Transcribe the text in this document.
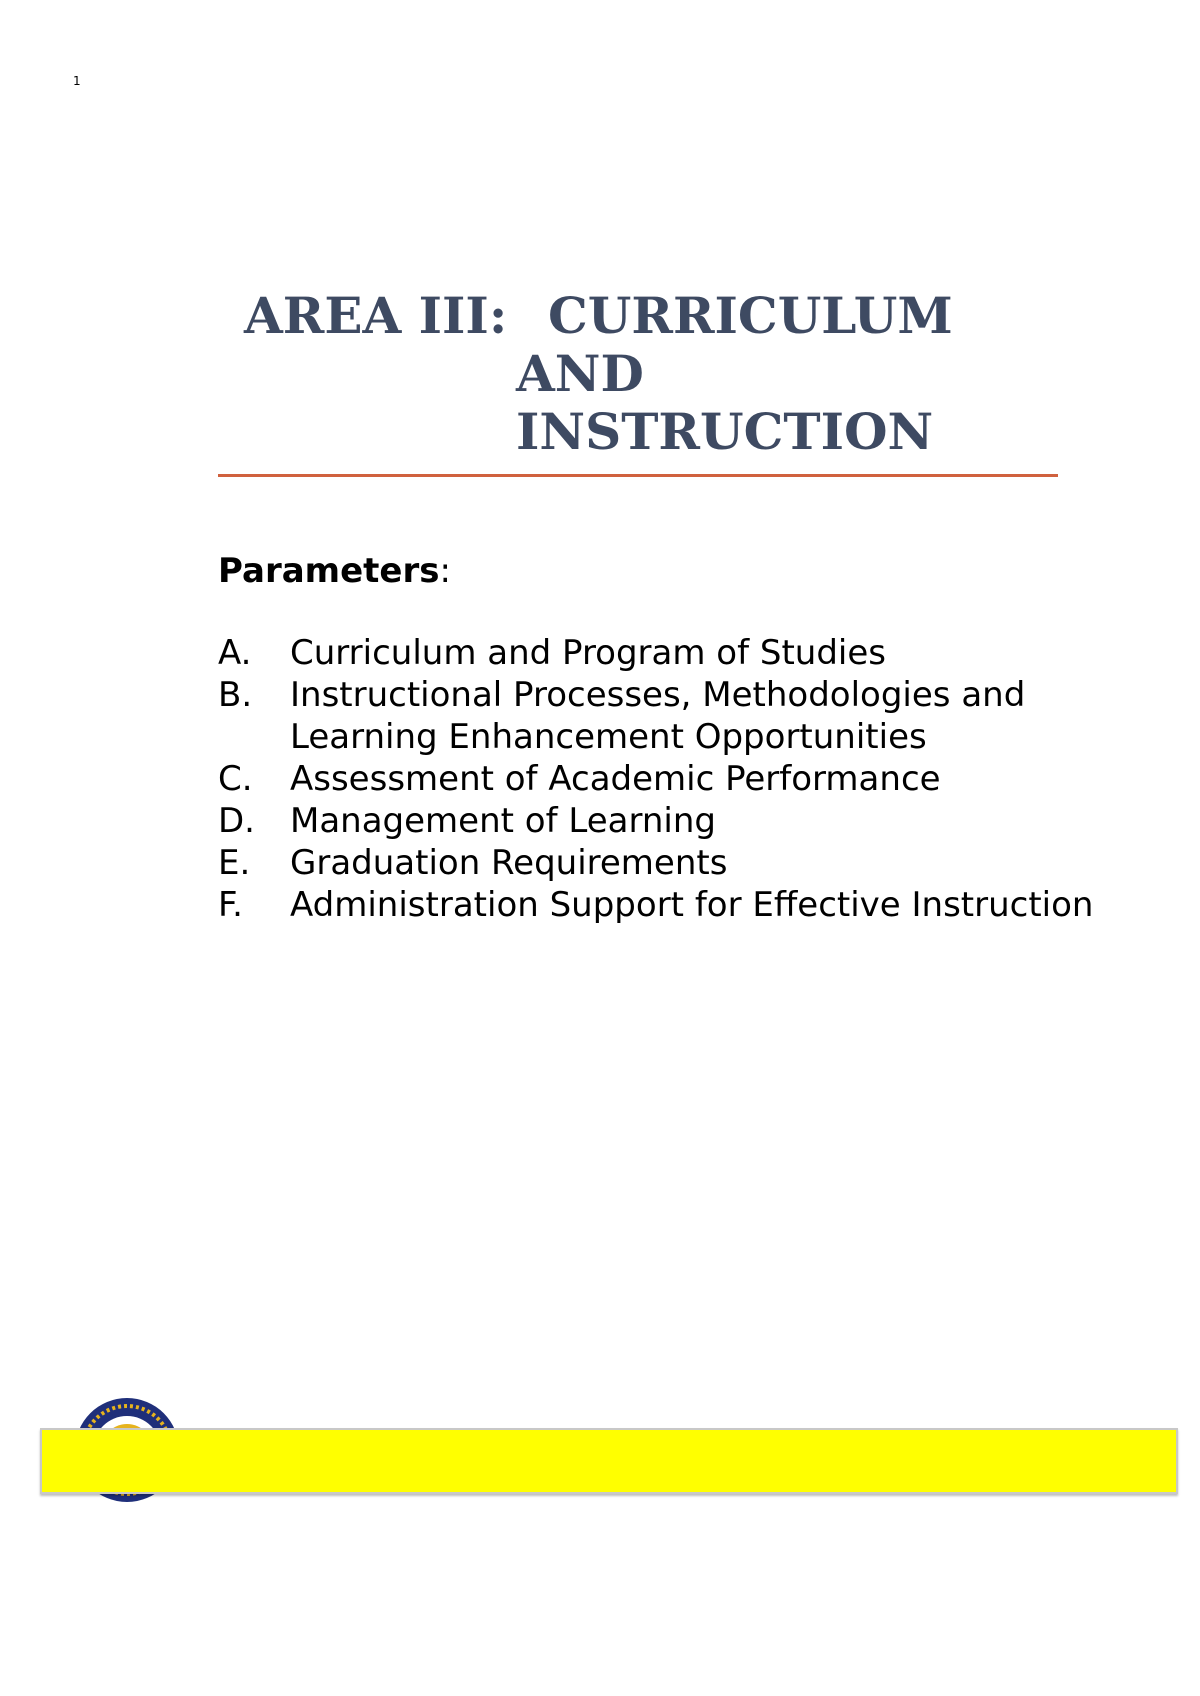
1
AREA III: CURRICULUM
AND
INSTRUCTION
Parameters:
A.	Curriculum and Program of Studies
B.	Instructional Processes, Methodologies and Learning Enhancement Opportunities
C.	Assessment of Academic Performance
D.	Management of Learning
E.	Graduation Requirements
F.	Administration Support for Effective Instruction
